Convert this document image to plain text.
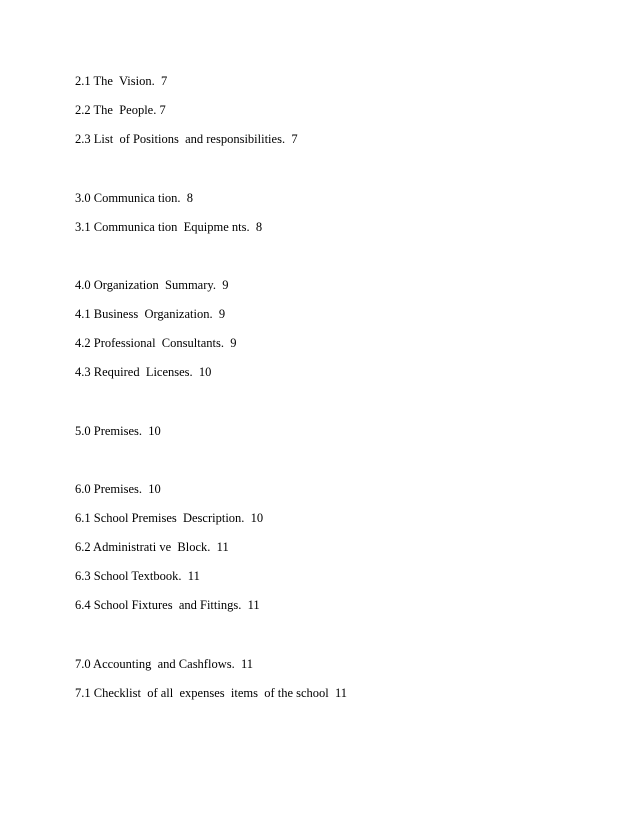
2.1 The  Vision.  7

2.2 The  People. 7

2.3 List  of Positions  and responsibilities.  7

3.0 Communica tion.  8

3.1 Communica tion  Equipme nts.  8

4.0 Organization  Summary.  9

4.1 Business  Organization.  9

4.2 Professional  Consultants.  9

4.3 Required  Licenses.  10

5.0 Premises.  10

6.0 Premises.  10

6.1 School Premises  Description.  10

6.2 Administrati ve  Block.  11

6.3 School Textbook.  11

6.4 School Fixtures  and Fittings.  11

7.0 Accounting  and Cashflows.  11

7.1 Checklist  of all  expenses  items  of the school  11
